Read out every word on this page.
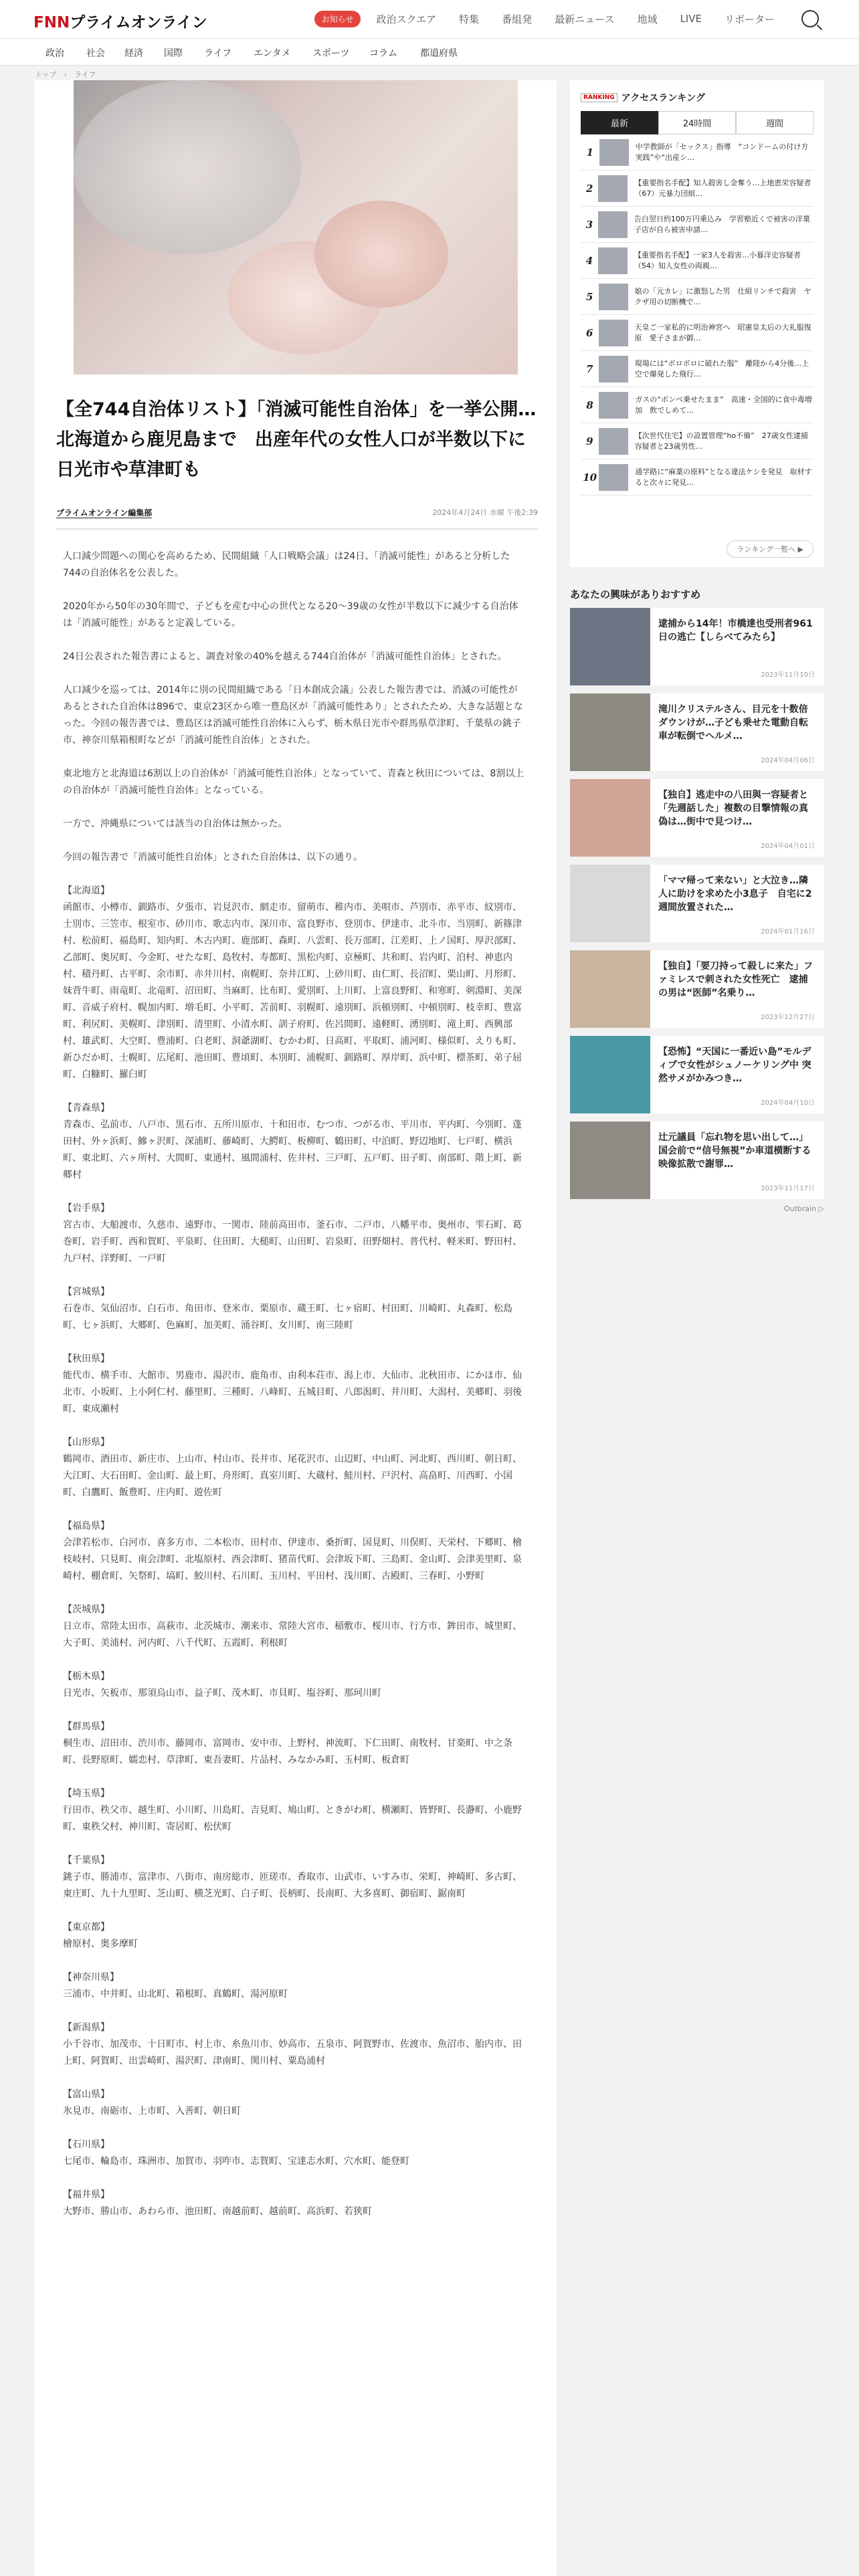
FNNプライムオンライン	お知らせ	政治スクエア 特集 番組発 最新ニュース 地域 LIVE リポーター
政治 社会 経済 国際 ライフ エンタメ スポーツ コラム 都道府県
トップ　›　ライフ
【全744自治体リスト】「消滅可能性自治体」を一挙公開…北海道から鹿児島まで　出産年代の女性人口が半数以下に　日光市や草津町も
プライムオンライン編集部	2024年4月24日 水曜 午後2:39
人口減少問題への関心を高めるため、民間組織「人口戦略会議」は24日、「消滅可能性」があると分析した744の自治体名を公表した。
2020年から50年の30年間で、子どもを産む中心の世代となる20～39歳の女性が半数以下に減少する自治体は「消滅可能性」があると定義している。
24日公表された報告書によると、調査対象の40%を越える744自治体が「消滅可能性自治体」とされた。
人口減少を巡っては、2014年に別の民間組織である「日本創成会議」公表した報告書では、消滅の可能性があるとされた自治体は896で、東京23区から唯一豊島区が「消滅可能性あり」とされたため、大きな話題となった。今回の報告書では、豊島区は消滅可能性自治体に入らず、栃木県日光市や群馬県草津町、千葉県の銚子市、神奈川県箱根町などが「消滅可能性自治体」とされた。
東北地方と北海道は6割以上の自治体が「消滅可能性自治体」となっていて、青森と秋田については、8割以上の自治体が「消滅可能性自治体」となっている。
一方で、沖縄県については該当の自治体は無かった。
今回の報告書で「消滅可能性自治体」とされた自治体は、以下の通り。
【北海道】
函館市、小樽市、釧路市、夕張市、岩見沢市、網走市、留萌市、稚内市、美唄市、芦別市、赤平市、紋別市、士別市、三笠市、根室市、砂川市、歌志内市、深川市、富良野市、登別市、伊達市、北斗市、当別町、新篠津村、松前町、福島町、知内町、木古内町、鹿部町、森町、八雲町、長万部町、江差町、上ノ国町、厚沢部町、乙部町、奥尻町、今金町、せたな町、島牧村、寿都町、黒松内町、京極町、共和町、岩内町、泊村、神恵内村、積丹町、古平町、余市町、赤井川村、南幌町、奈井江町、上砂川町、由仁町、長沼町、栗山町、月形町、妹背牛町、雨竜町、北竜町、沼田町、当麻町、比布町、愛別町、上川町、上富良野町、和寒町、剣淵町、美深町、音威子府村、幌加内町、増毛町、小平町、苫前町、羽幌町、遠別町、浜頓別町、中頓別町、枝幸町、豊富町、利尻町、美幌町、津別町、清里町、小清水町、訓子府町、佐呂間町、遠軽町、湧別町、滝上町、西興部村、雄武町、大空町、豊浦町、白老町、洞爺湖町、むかわ町、日高町、平取町、浦河町、様似町、えりも町、新ひだか町、士幌町、広尾町、池田町、豊頃町、本別町、浦幌町、釧路町、厚岸町、浜中町、標茶町、弟子屈町、白糠町、羅臼町
【青森県】
青森市、弘前市、八戸市、黒石市、五所川原市、十和田市、むつ市、つがる市、平川市、平内町、今別町、蓬田村、外ヶ浜町、鰺ヶ沢町、深浦町、藤崎町、大鰐町、板柳町、鶴田町、中泊町、野辺地町、七戸町、横浜町、東北町、六ヶ所村、大間町、東通村、風間浦村、佐井村、三戸町、五戸町、田子町、南部町、階上町、新郷村
【岩手県】
宮古市、大船渡市、久慈市、遠野市、一関市、陸前高田市、釜石市、二戸市、八幡平市、奥州市、雫石町、葛巻町、岩手町、西和賀町、平泉町、住田町、大槌町、山田町、岩泉町、田野畑村、普代村、軽米町、野田村、九戸村、洋野町、一戸町
【宮城県】
石巻市、気仙沼市、白石市、角田市、登米市、栗原市、蔵王町、七ヶ宿町、村田町、川崎町、丸森町、松島町、七ヶ浜町、大郷町、色麻町、加美町、涌谷町、女川町、南三陸町
【秋田県】
能代市、横手市、大館市、男鹿市、湯沢市、鹿角市、由利本荘市、潟上市、大仙市、北秋田市、にかほ市、仙北市、小坂町、上小阿仁村、藤里町、三種町、八峰町、五城目町、八郎潟町、井川町、大潟村、美郷町、羽後町、東成瀬村
【山形県】
鶴岡市、酒田市、新庄市、上山市、村山市、長井市、尾花沢市、山辺町、中山町、河北町、西川町、朝日町、大江町、大石田町、金山町、最上町、舟形町、真室川町、大蔵村、鮭川村、戸沢村、高畠町、川西町、小国町、白鷹町、飯豊町、庄内町、遊佐町
【福島県】
会津若松市、白河市、喜多方市、二本松市、田村市、伊達市、桑折町、国見町、川俣町、天栄村、下郷町、檜枝岐村、只見町、南会津町、北塩原村、西会津町、猪苗代町、会津坂下町、三島町、金山町、会津美里町、泉崎村、棚倉町、矢祭町、塙町、鮫川村、石川町、玉川村、平田村、浅川町、古殿町、三春町、小野町
【茨城県】
日立市、常陸太田市、高萩市、北茨城市、潮来市、常陸大宮市、稲敷市、桜川市、行方市、鉾田市、城里町、大子町、美浦村、河内町、八千代町、五霞町、利根町
【栃木県】
日光市、矢板市、那須烏山市、益子町、茂木町、市貝町、塩谷町、那珂川町
【群馬県】
桐生市、沼田市、渋川市、藤岡市、富岡市、安中市、上野村、神流町、下仁田町、南牧村、甘楽町、中之条町、長野原町、嬬恋村、草津町、東吾妻町、片品村、みなかみ町、玉村町、板倉町
【埼玉県】
行田市、秩父市、越生町、小川町、川島町、吉見町、鳩山町、ときがわ町、横瀬町、皆野町、長瀞町、小鹿野町、東秩父村、神川町、寄居町、松伏町
【千葉県】
銚子市、勝浦市、富津市、八街市、南房総市、匝瑳市、香取市、山武市、いすみ市、栄町、神崎町、多古町、東庄町、九十九里町、芝山町、横芝光町、白子町、長柄町、長南町、大多喜町、御宿町、鋸南町
【東京都】
檜原村、奥多摩町
【神奈川県】
三浦市、中井町、山北町、箱根町、真鶴町、湯河原町
【新潟県】
小千谷市、加茂市、十日町市、村上市、糸魚川市、妙高市、五泉市、阿賀野市、佐渡市、魚沼市、胎内市、田上町、阿賀町、出雲崎町、湯沢町、津南町、関川村、粟島浦村
【富山県】
氷見市、南砺市、上市町、入善町、朝日町
【石川県】
七尾市、輪島市、珠洲市、加賀市、羽咋市、志賀町、宝達志水町、穴水町、能登町
【福井県】
大野市、勝山市、あわら市、池田町、南越前町、越前町、高浜町、若狭町
RANKING アクセスランキング
最新	24時間	週間
1	中学教師が「セックス」指導　“コンドームの付け方実践”や“出産シ…
2	【重要指名手配】知人殺害し金奪う…上地恵栄容疑者（67）元暴力団組…
3	告白翌日約100万円乗込み　学習塾近くで被害の洋菓子店が自ら被害申請…
4	【重要指名手配】一家3人を殺害…小暮洋史容疑者（54）知人女性の両親…
5	娘の「元カレ」に激怒した男　仕組リンチで殺害　ヤクザ用の切断機で…
6	天皇ご一家私的に明治神宮へ　昭憲皇太后の大礼服復原　愛子さまが御…
7	現場には“ボロボロに破れた服”　離陸から4分後…上空で爆発した飛行…
8	ガスの“ボンベ乗せたまま”　高速・全国的に食中毒増加　飲でしめて…
9	【次世代住宅】の設置管理“ho不備”　27歳女性逮捕容疑者と23歳男性…
10	通学路に“麻薬の原料”となる違法ケシを発見　取材すると次々に発見…
ランキング一覧へ ▶
あなたの興味がありおすすめ
逮捕から14年！市橋達也受刑者961日の逃亡【しらべてみたら】
2023年11月10日
滝川クリステルさん、目元を十数倍ダウンけが…子ども乗せた電動自転車が転倒でヘルメ…
2024年04月06日
【独自】逃走中の八田與一容疑者と「先週話した」複数の目撃情報の真偽は…街中で見つけ…
2024年04月01日
「ママ帰って来ない」と大泣き…隣人に助けを求めた小3息子　自宅に2週間放置された…
2024年01月16日
【独自】「要刀持って殺しに来た」ファミレスで刺された女性死亡　逮捕の男は“医師”名乗り…
2023年12月27日
【恐怖】“天国に一番近い島”モルディブで女性がシュノーケリング中 突然サメがかみつき…
2024年04月10日
辻元議員「忘れ物を思い出して…」国会前で“信号無視”か車道横断する映像拡散で謝罪…
2023年11月17日
Outbrain ▷
